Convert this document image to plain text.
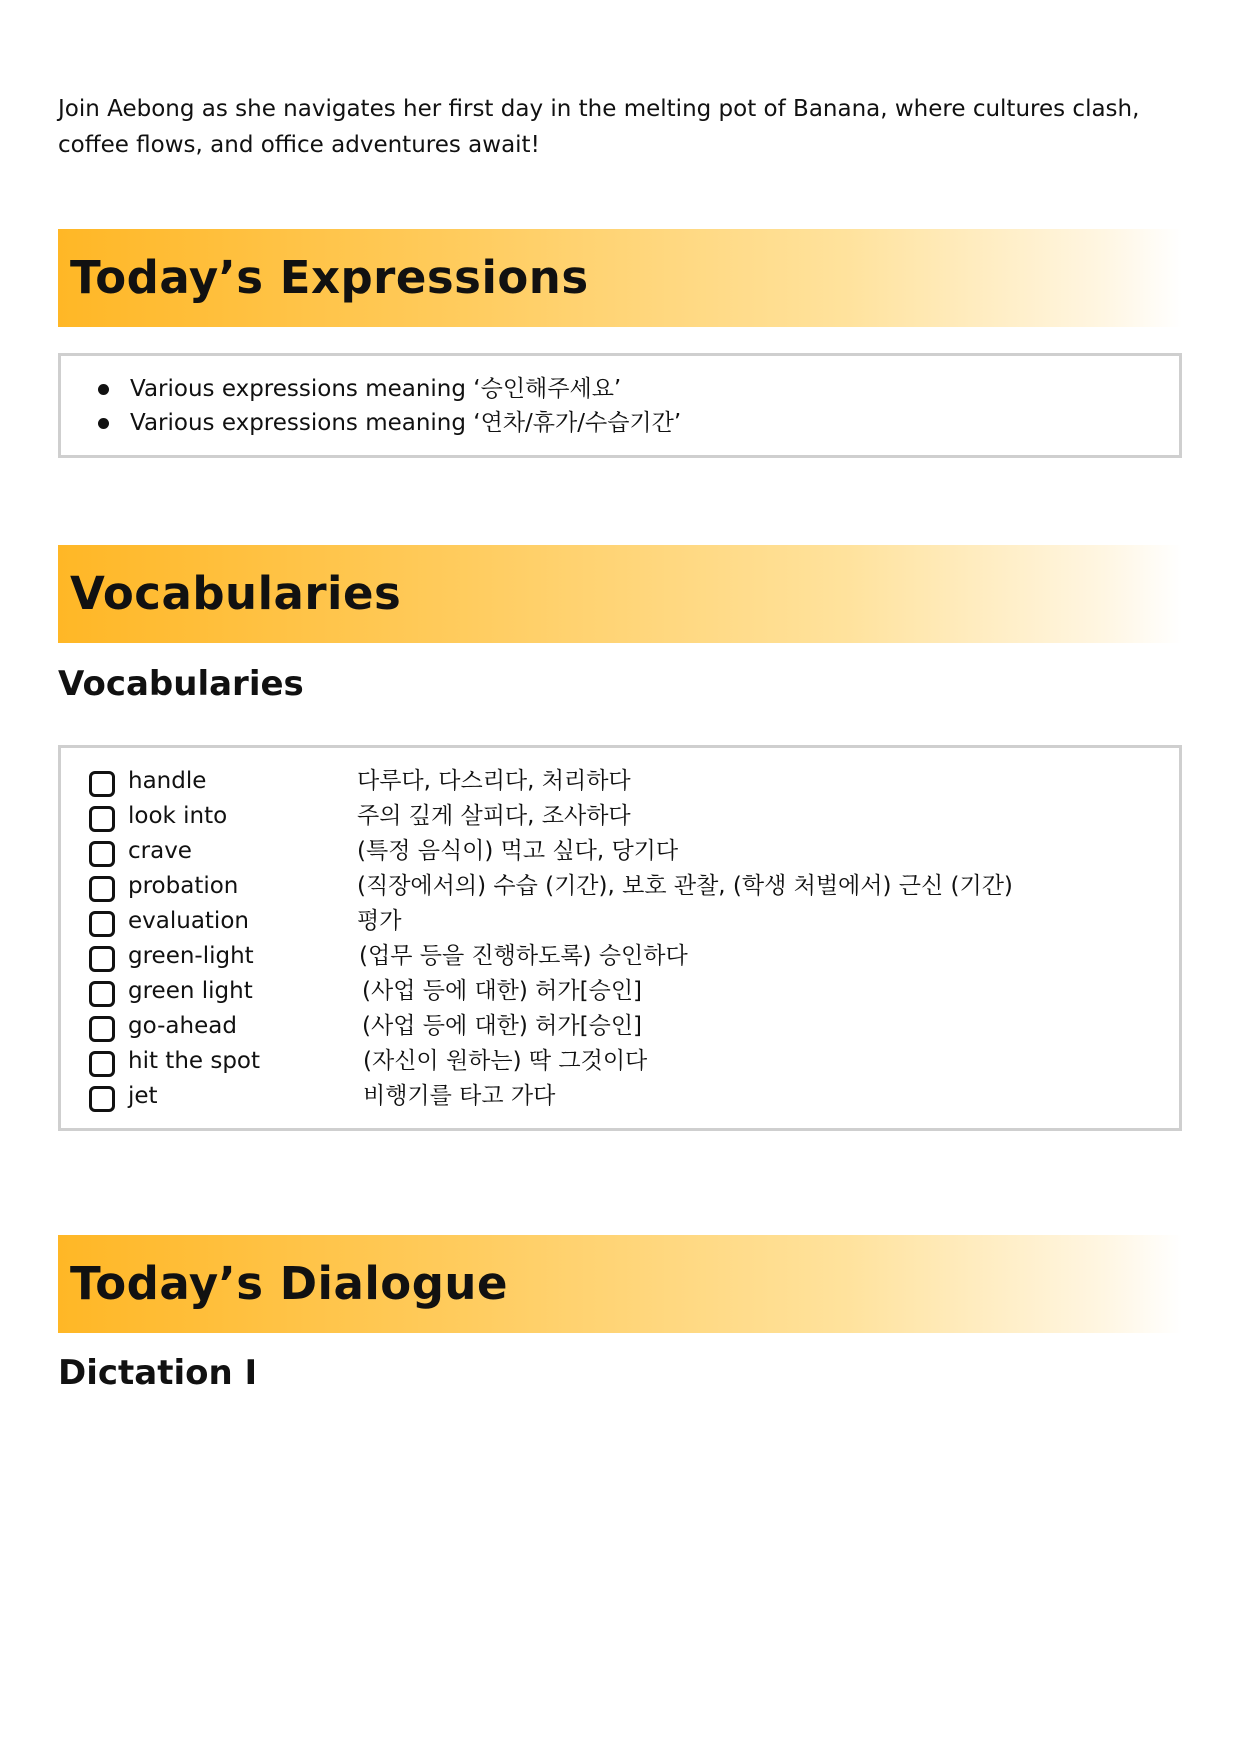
Join Aebong as she navigates her first day in the melting pot of Banana, where cultures clash, coffee flows, and office adventures await!

Today’s Expressions
Various expressions meaning ‘승인해주세요’
Various expressions meaning ‘연차/휴가/수습기간’
Vocabularies
Vocabularies
handle	다루다, 다스리다, 처리하다
look into	주의 깊게 살피다, 조사하다
crave	(특정 음식이) 먹고 싶다, 당기다
probation	(직장에서의) 수습 (기간), 보호 관찰, (학생 처벌에서) 근신 (기간)
evaluation	평가
green-light	(업무 등을 진행하도록) 승인하다
green light	(사업 등에 대한) 허가[승인]
go-ahead	(사업 등에 대한) 허가[승인]
hit the spot	(자신이 원하는) 딱 그것이다
jet	비행기를 타고 가다
Today’s Dialogue
Dictation I
